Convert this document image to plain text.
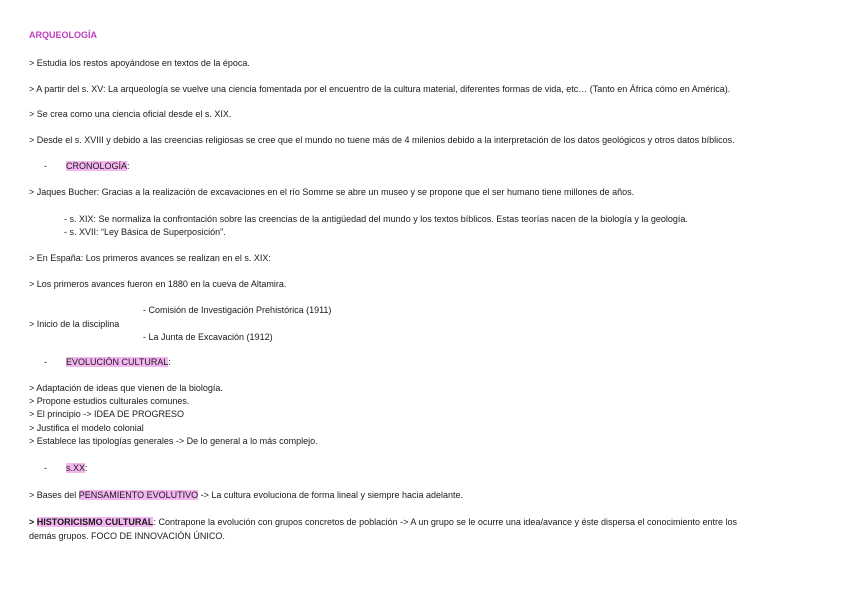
ARQUEOLOGÍA
> Estudia los restos apoyándose en textos de la época.
> A partir del s. XV: La arqueología se vuelve una ciencia fomentada por el encuentro de la cultura material, diferentes formas de vida, etc… (Tanto en África cómo en América).
> Se crea como una ciencia oficial desde el s. XIX.
> Desde el s. XVIII y debido a las creencias religiosas se cree que el mundo no tuene más de 4 milenios debido a la interpretación de los datos geológicos y otros datos bíblicos.
- CRONOLOGÍA:
> Jaques Bucher: Gracias a la realización de excavaciones en el río Somme se abre un museo y se propone que el ser humano tiene millones de años.
- s. XIX: Se normaliza la confrontación sobre las creencias de la antigüedad del mundo y los textos bíblicos. Estas teorías nacen de la biología y la geología.
- s. XVII: “Ley Básica de Superposición”.
> En España: Los primeros avances se realizan en el s. XIX:
> Los primeros avances fueron en 1880 en la cueva de Altamira.
- Comisión de Investigación Prehistórica (1911)
> Inicio de la disciplina
- La Junta de Excavación (1912)
- EVOLUCIÓN CULTURAL:
> Adaptación de ideas que vienen de la biología.
> Propone estudios culturales comunes.
> El principio -> IDEA DE PROGRESO
> Justifica el modelo colonial
> Establece las tipologías generales -> De lo general a lo más complejo.
- s.XX:
> Bases del PENSAMIENTO EVOLUTIVO -> La cultura evoluciona de forma lineal y siempre hacia adelante.
> HISTORICISMO CULTURAL: Contrapone la evolución con grupos concretos de población -> A un grupo se le ocurre una idea/avance y éste dispersa el conocimiento entre los
demás grupos. FOCO DE INNOVACIÓN ÚNICO.
